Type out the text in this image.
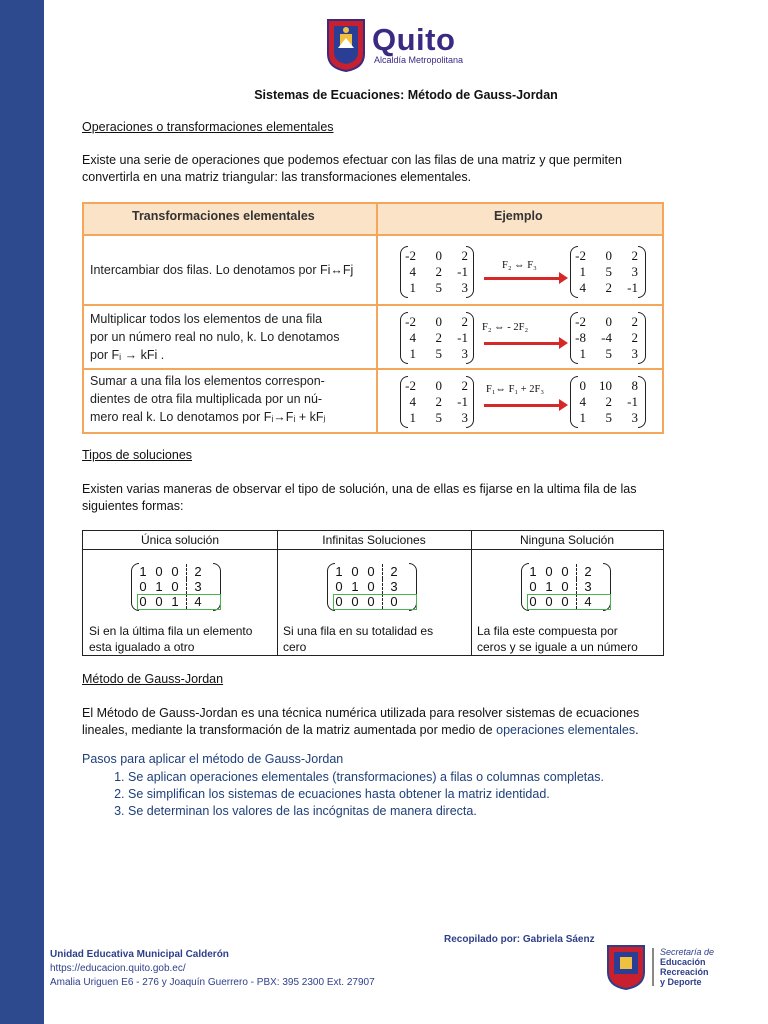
Quito
Alcaldía Metropolitana
Sistemas de Ecuaciones: Método de Gauss-Jordan
Operaciones o transformaciones elementales
Existe una serie de operaciones que podemos efectuar con las filas de una matriz y que permiten
convertirla en una matriz triangular: las transformaciones elementales.
Transformaciones elementales	Ejemplo
Intercambiar dos filas. Lo denotamos por Fi↔Fj
-2	0	2
4	2	-1
1	5	3
F₂ ⇔ F₃
-2	0	2
1	5	3
4	2	-1
Multiplicar todos los elementos de una fila
por un número real no nulo, k. Lo denotamos
por Fᵢ → kFi .
-2	0	2
4	2	-1
1	5	3
F₂ ⇔ - 2F₂	-2	0	2
-8	-4	2
1	5	3
Sumar a una fila los elementos correspon-
dientes de otra fila multiplicada por un nú-
mero real k. Lo denotamos por Fᵢ→Fᵢ + kFⱼ
-2	0	2
4	2	-1
1	5	3
F₁⇔ F₁ + 2F₃	0	10	8
4	2	-1
1	5	3
Tipos de soluciones
Existen varias maneras de observar el tipo de solución, una de ellas es fijarse en la ultima fila de las
siguientes formas:
Única solución	Infinitas Soluciones	Ninguna Solución
1 0 0	2
0 1 0	3
0 0 1	4
Si en la última fila un elemento
esta igualado a otro
1 0 0	2
0 1 0	3
0 0 0	0
Si una fila en su totalidad es
cero
1 0 0	2
0 1 0	3
0 0 0	4
La fila este compuesta por
ceros y se iguale a un número
Método de Gauss-Jordan
El Método de Gauss-Jordan es una técnica numérica utilizada para resolver sistemas de ecuaciones
lineales, mediante la transformación de la matriz aumentada por medio de operaciones elementales.
Pasos para aplicar el método de Gauss-Jordan
1. Se aplican operaciones elementales (transformaciones) a filas o columnas completas.
2. Se simplifican los sistemas de ecuaciones hasta obtener la matriz identidad.
3. Se determinan los valores de las incógnitas de manera directa.
Recopilado por: Gabriela Sáenz
Unidad Educativa Municipal Calderón
https://educacion.quito.gob.ec/
Amalia Uriguen E6 - 276 y Joaquín Guerrero - PBX: 395 2300 Ext. 27907
Secretaría de
Educación
Recreación
y Deporte
